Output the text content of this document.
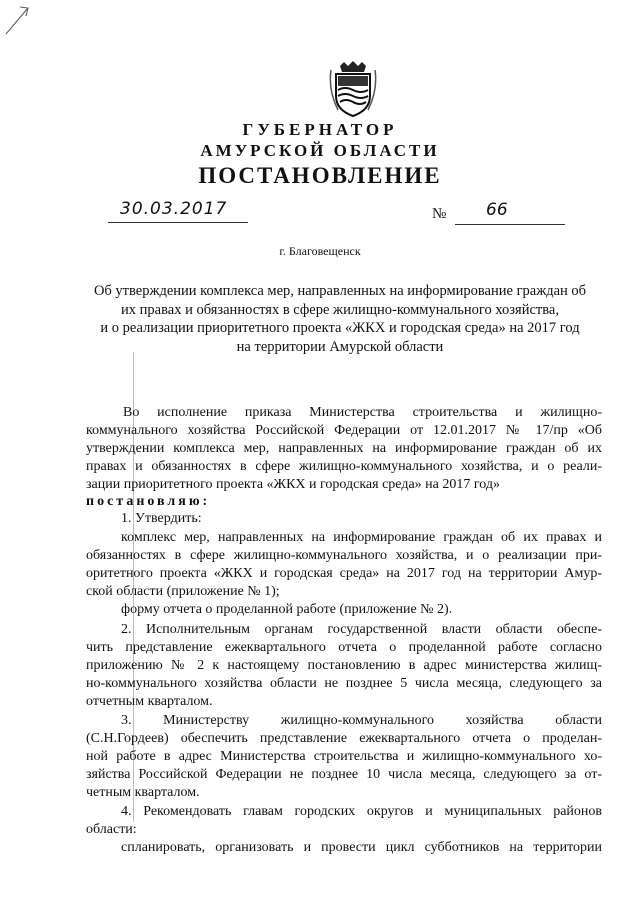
ГУБЕРНАТОР
АМУРСКОЙ ОБЛАСТИ
ПОСТАНОВЛЕНИЕ
30.03.2017	№ 66
г. Благовещенск
Об утверждении комплекса мер, направленных на информирование граждан об
их правах и обязанностях в сфере жилищно-коммунального хозяйства,
и о реализации приоритетного проекта «ЖКХ и городская среда» на 2017 год
на территории Амурской области
Во исполнение приказа Министерства строительства и жилищно-
коммунального хозяйства Российской Федерации от 12.01.2017 № 17/пр «Об
утверждении комплекса мер, направленных на информирование граждан об их
правах и обязанностях в сфере жилищно-коммунального хозяйства, и о реали-
зации приоритетного проекта «ЖКХ и городская среда» на 2017 год»
постановляю:
1. Утвердить:
комплекс мер, направленных на информирование граждан об их правах и
обязанностях в сфере жилищно-коммунального хозяйства, и о реализации при-
оритетного проекта «ЖКХ и городская среда» на 2017 год на территории Амур-
ской области (приложение № 1);
форму отчета о проделанной работе (приложение № 2).
2. Исполнительным органам государственной власти области обеспе-
чить представление ежеквартального отчета о проделанной работе согласно
приложению № 2 к настоящему постановлению в адрес министерства жилищ-
но-коммунального хозяйства области не позднее 5 числа месяца, следующего за
отчетным кварталом.
3. Министерству жилищно-коммунального хозяйства области
(С.Н.Гордеев) обеспечить представление ежеквартального отчета о проделан-
ной работе в адрес Министерства строительства и жилищно-коммунального хо-
зяйства Российской Федерации не позднее 10 числа месяца, следующего за от-
четным кварталом.
4. Рекомендовать главам городских округов и муниципальных районов
области:
спланировать, организовать и провести цикл субботников на территории
